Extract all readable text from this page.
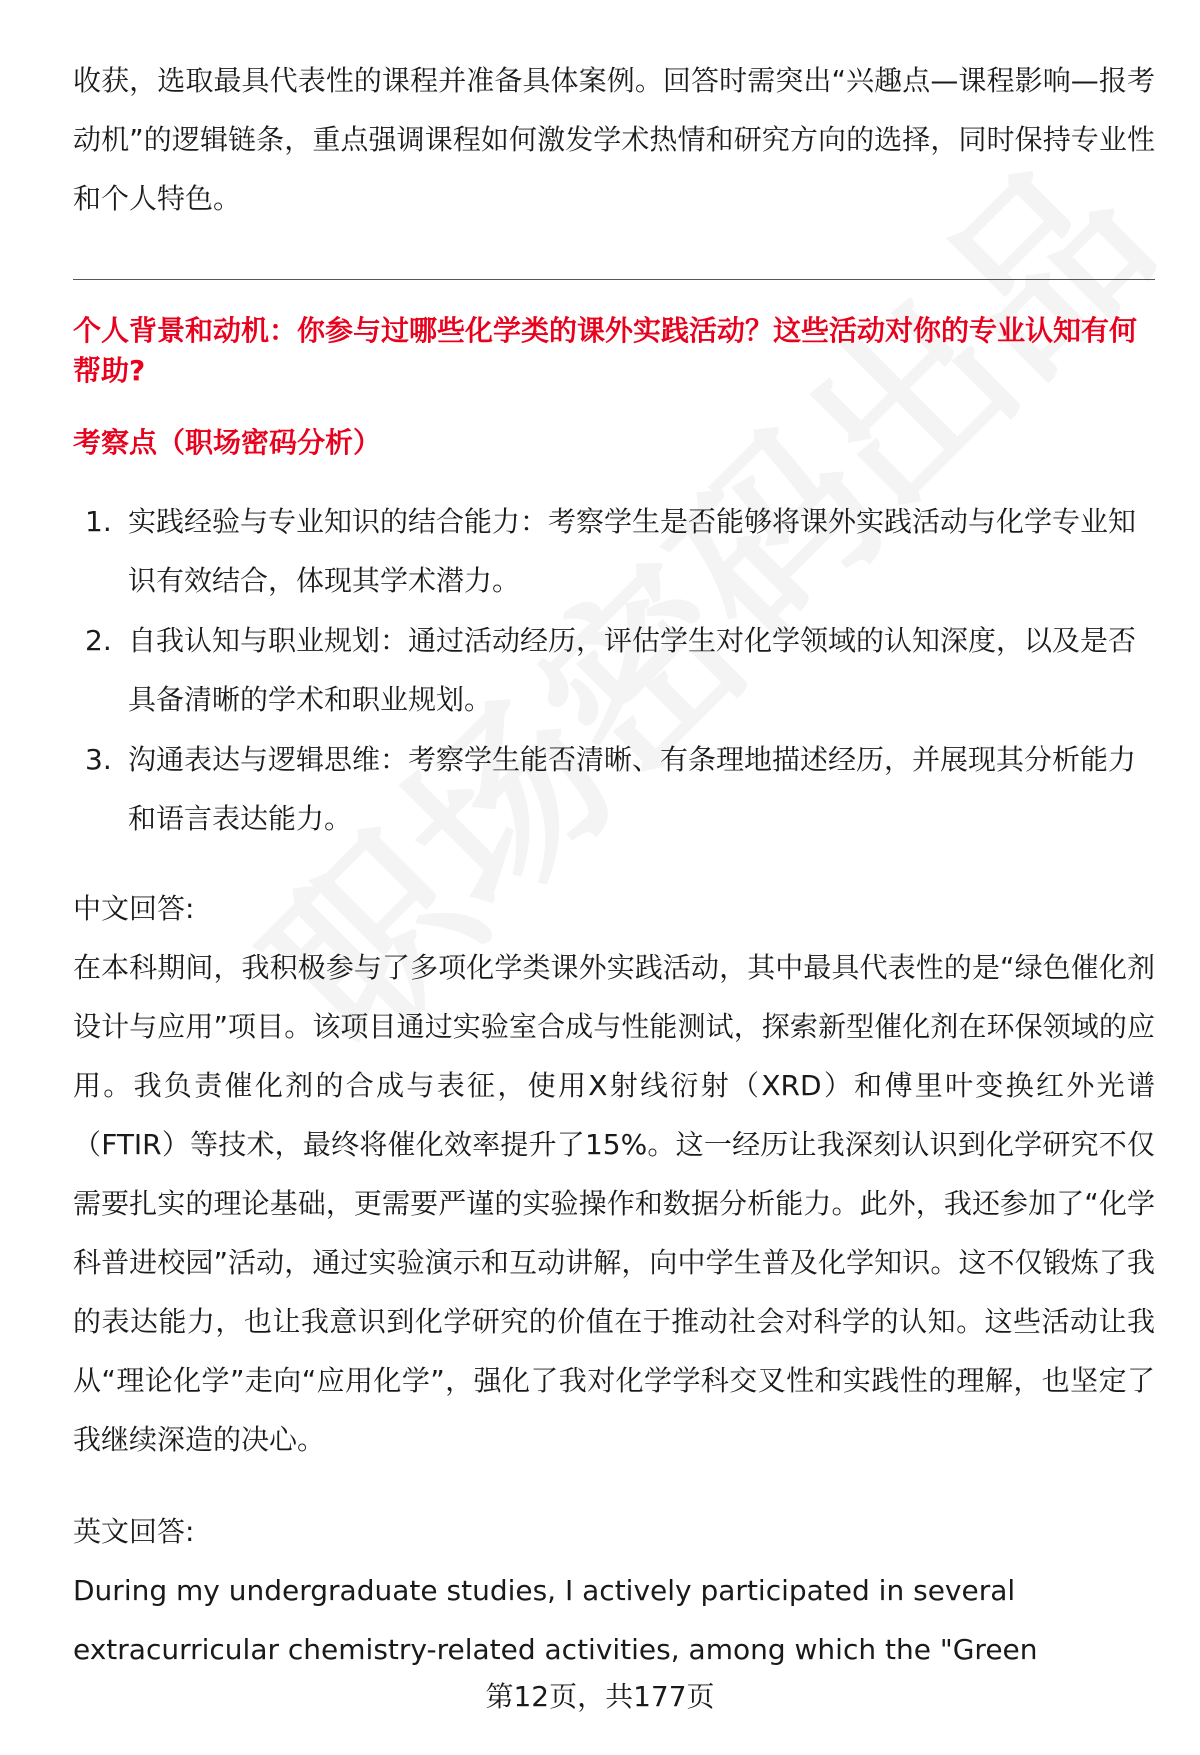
收获，选取最具代表性的课程并准备具体案例。回答时需突出“兴趣点—课程影响—报考动机”的逻辑链条，重点强调课程如何激发学术热情和研究方向的选择，同时保持专业性和个人特色。

个人背景和动机：你参与过哪些化学类的课外实践活动？这些活动对你的专业认知有何帮助?
考察点（职场密码分析）
1. 实践经验与专业知识的结合能力：考察学生是否能够将课外实践活动与化学专业知识有效结合，体现其学术潜力。
2. 自我认知与职业规划：通过活动经历，评估学生对化学领域的认知深度，以及是否具备清晰的学术和职业规划。
3. 沟通表达与逻辑思维：考察学生能否清晰、有条理地描述经历，并展现其分析能力和语言表达能力。

中文回答:

在本科期间，我积极参与了多项化学类课外实践活动，其中最具代表性的是“绿色催化剂设计与应用”项目。该项目通过实验室合成与性能测试，探索新型催化剂在环保领域的应用。我负责催化剂的合成与表征，使用X射线衍射（XRD）和傅里叶变换红外光谱（FTIR）等技术，最终将催化效率提升了15%。这一经历让我深刻认识到化学研究不仅需要扎实的理论基础，更需要严谨的实验操作和数据分析能力。此外，我还参加了“化学科普进校园”活动，通过实验演示和互动讲解，向中学生普及化学知识。这不仅锻炼了我的表达能力，也让我意识到化学研究的价值在于推动社会对科学的认知。这些活动让我从“理论化学”走向“应用化学”，强化了我对化学学科交叉性和实践性的理解，也坚定了我继续深造的决心。

英文回答:

During my undergraduate studies, I actively participated in several extracurricular chemistry-related activities, among which the "Green

第12页，共177页
